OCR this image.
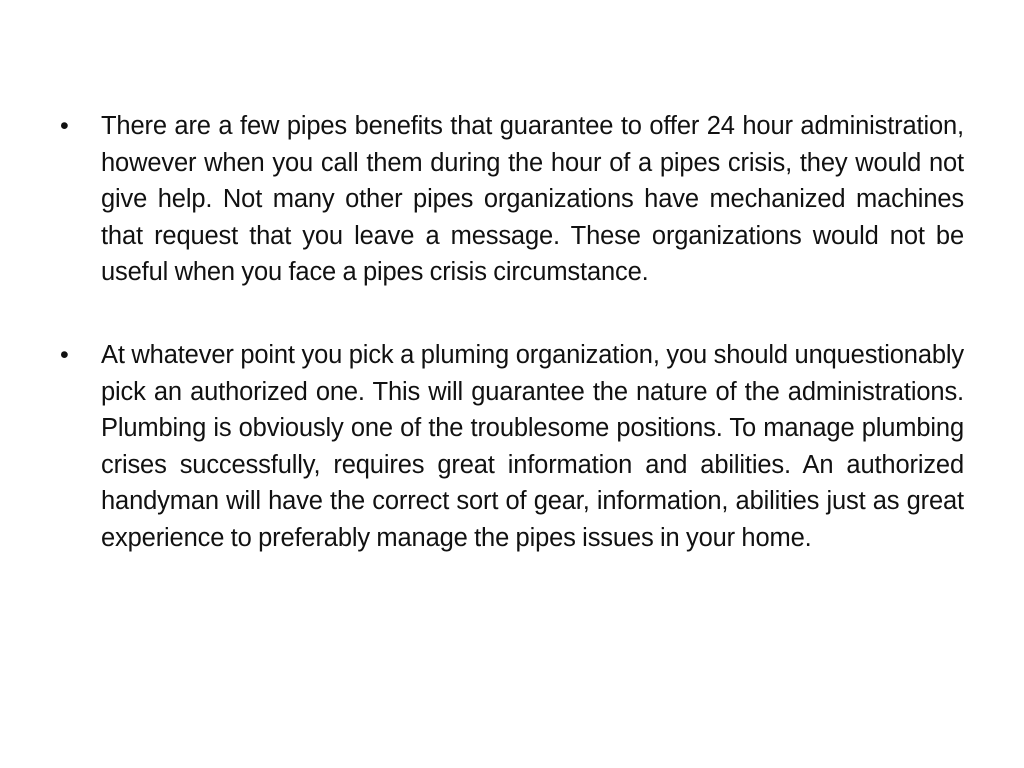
• There are a few pipes benefits that guarantee to offer 24 hour administration, however when you call them during the hour of a pipes crisis, they would not give help. Not many other pipes organizations have mechanized machines that request that you leave a message. These organizations would not be useful when you face a pipes crisis circumstance.
• At whatever point you pick a pluming organization, you should unquestionably pick an authorized one. This will guarantee the nature of the administrations. Plumbing is obviously one of the troublesome positions. To manage plumbing crises successfully, requires great information and abilities. An authorized handyman will have the correct sort of gear, information, abilities just as great experience to preferably manage the pipes issues in your home.
